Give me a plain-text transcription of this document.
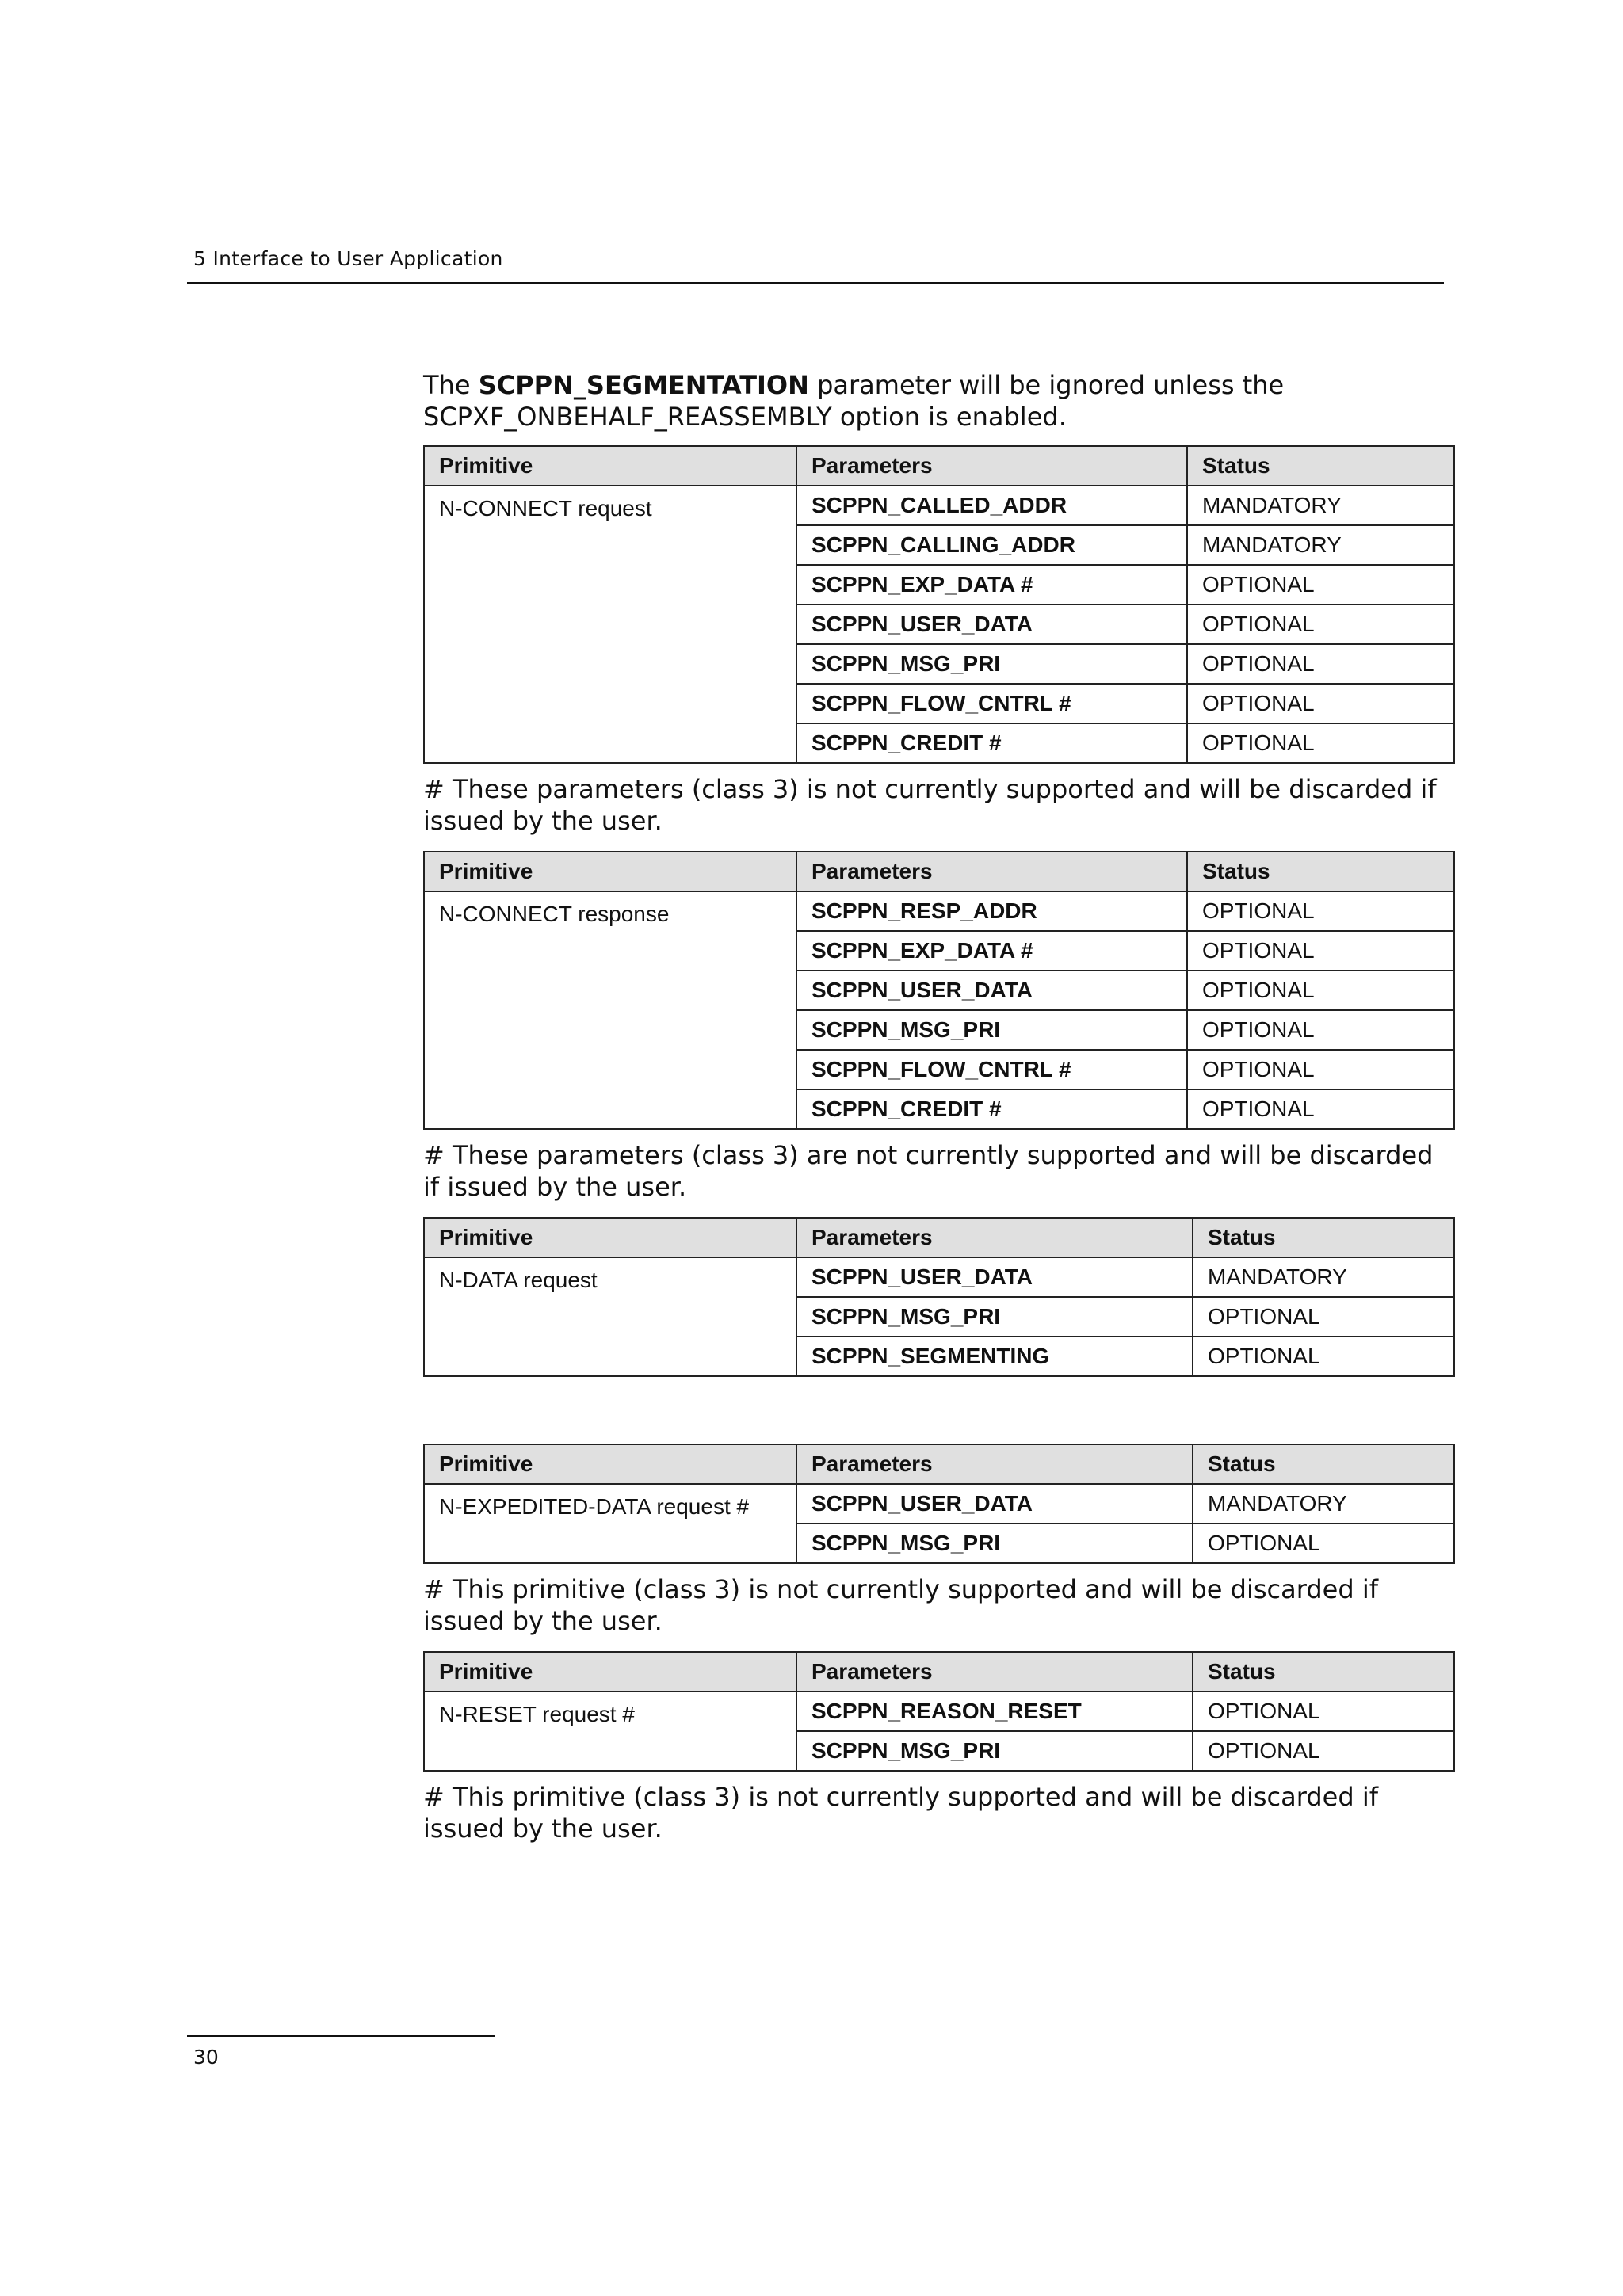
5 Interface to User Application

The SCPPN_SEGMENTATION parameter will be ignored unless the SCPXF_ONBEHALF_REASSEMBLY option is enabled.

Primitive	Parameters	Status
N-CONNECT request	SCPPN_CALLED_ADDR	MANDATORY
	SCPPN_CALLING_ADDR	MANDATORY
	SCPPN_EXP_DATA #	OPTIONAL
	SCPPN_USER_DATA	OPTIONAL
	SCPPN_MSG_PRI	OPTIONAL
	SCPPN_FLOW_CNTRL #	OPTIONAL
	SCPPN_CREDIT #	OPTIONAL

# These parameters (class 3) is not currently supported and will be discarded if issued by the user.

Primitive	Parameters	Status
N-CONNECT response	SCPPN_RESP_ADDR	OPTIONAL
	SCPPN_EXP_DATA #	OPTIONAL
	SCPPN_USER_DATA	OPTIONAL
	SCPPN_MSG_PRI	OPTIONAL
	SCPPN_FLOW_CNTRL #	OPTIONAL
	SCPPN_CREDIT #	OPTIONAL

# These parameters (class 3) are not currently supported and will be discarded if issued by the user.

Primitive	Parameters	Status
N-DATA request	SCPPN_USER_DATA	MANDATORY
	SCPPN_MSG_PRI	OPTIONAL
	SCPPN_SEGMENTING	OPTIONAL
Primitive	Parameters	Status
N-EXPEDITED-DATA request #	SCPPN_USER_DATA	MANDATORY
	SCPPN_MSG_PRI	OPTIONAL

# This primitive (class 3) is not currently supported and will be discarded if issued by the user.

Primitive	Parameters	Status
N-RESET request #	SCPPN_REASON_RESET	OPTIONAL
	SCPPN_MSG_PRI	OPTIONAL

# This primitive (class 3) is not currently supported and will be discarded if issued by the user.

30
